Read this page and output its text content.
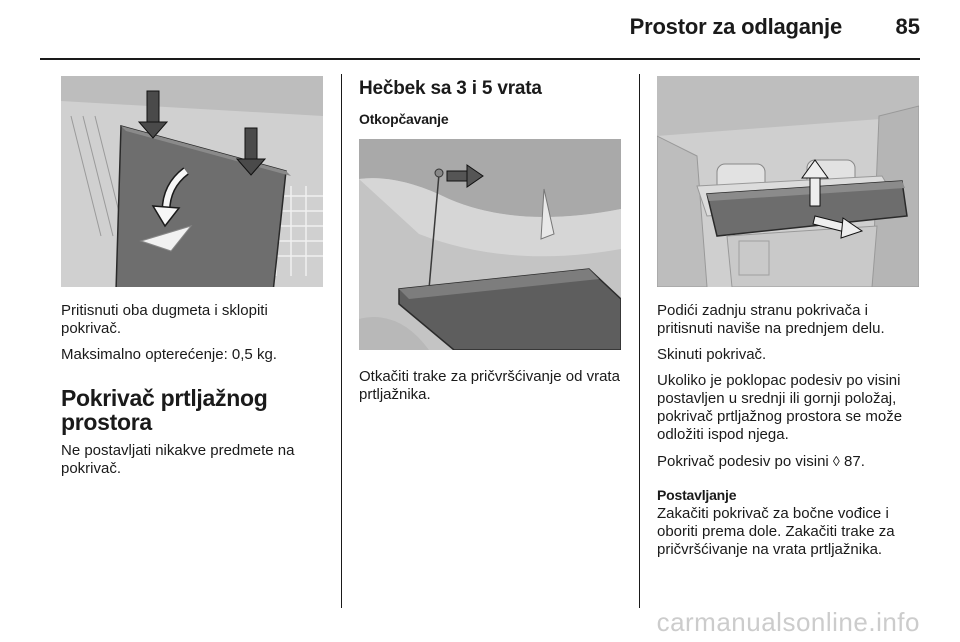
Prostor za odlaganje 85

Pritisnuti oba dugmeta i sklopiti pokrivač.

Maksimalno opterećenje: 0,5 kg.

Pokrivač prtljažnog
prostora

Ne postavljati nikakve predmete na pokrivač.

Hečbek sa 3 i 5 vrata
Otkopčavanje

Otkačiti trake za pričvršćivanje od vrata prtljažnika.

Podići zadnju stranu pokrivača i pritisnuti naviše na prednjem delu.

Skinuti pokrivač.

Ukoliko je poklopac podesiv po visini postavljen u srednji ili gornji položaj, pokrivač prtljažnog prostora se može odložiti ispod njega.

Pokrivač podesiv po visini ◊ 87.

Postavljanje

Zakačiti pokrivač za bočne vođice i oboriti prema dole. Zakačiti trake za pričvršćivanje na vrata prtljažnika.

carmanualsonline.info
